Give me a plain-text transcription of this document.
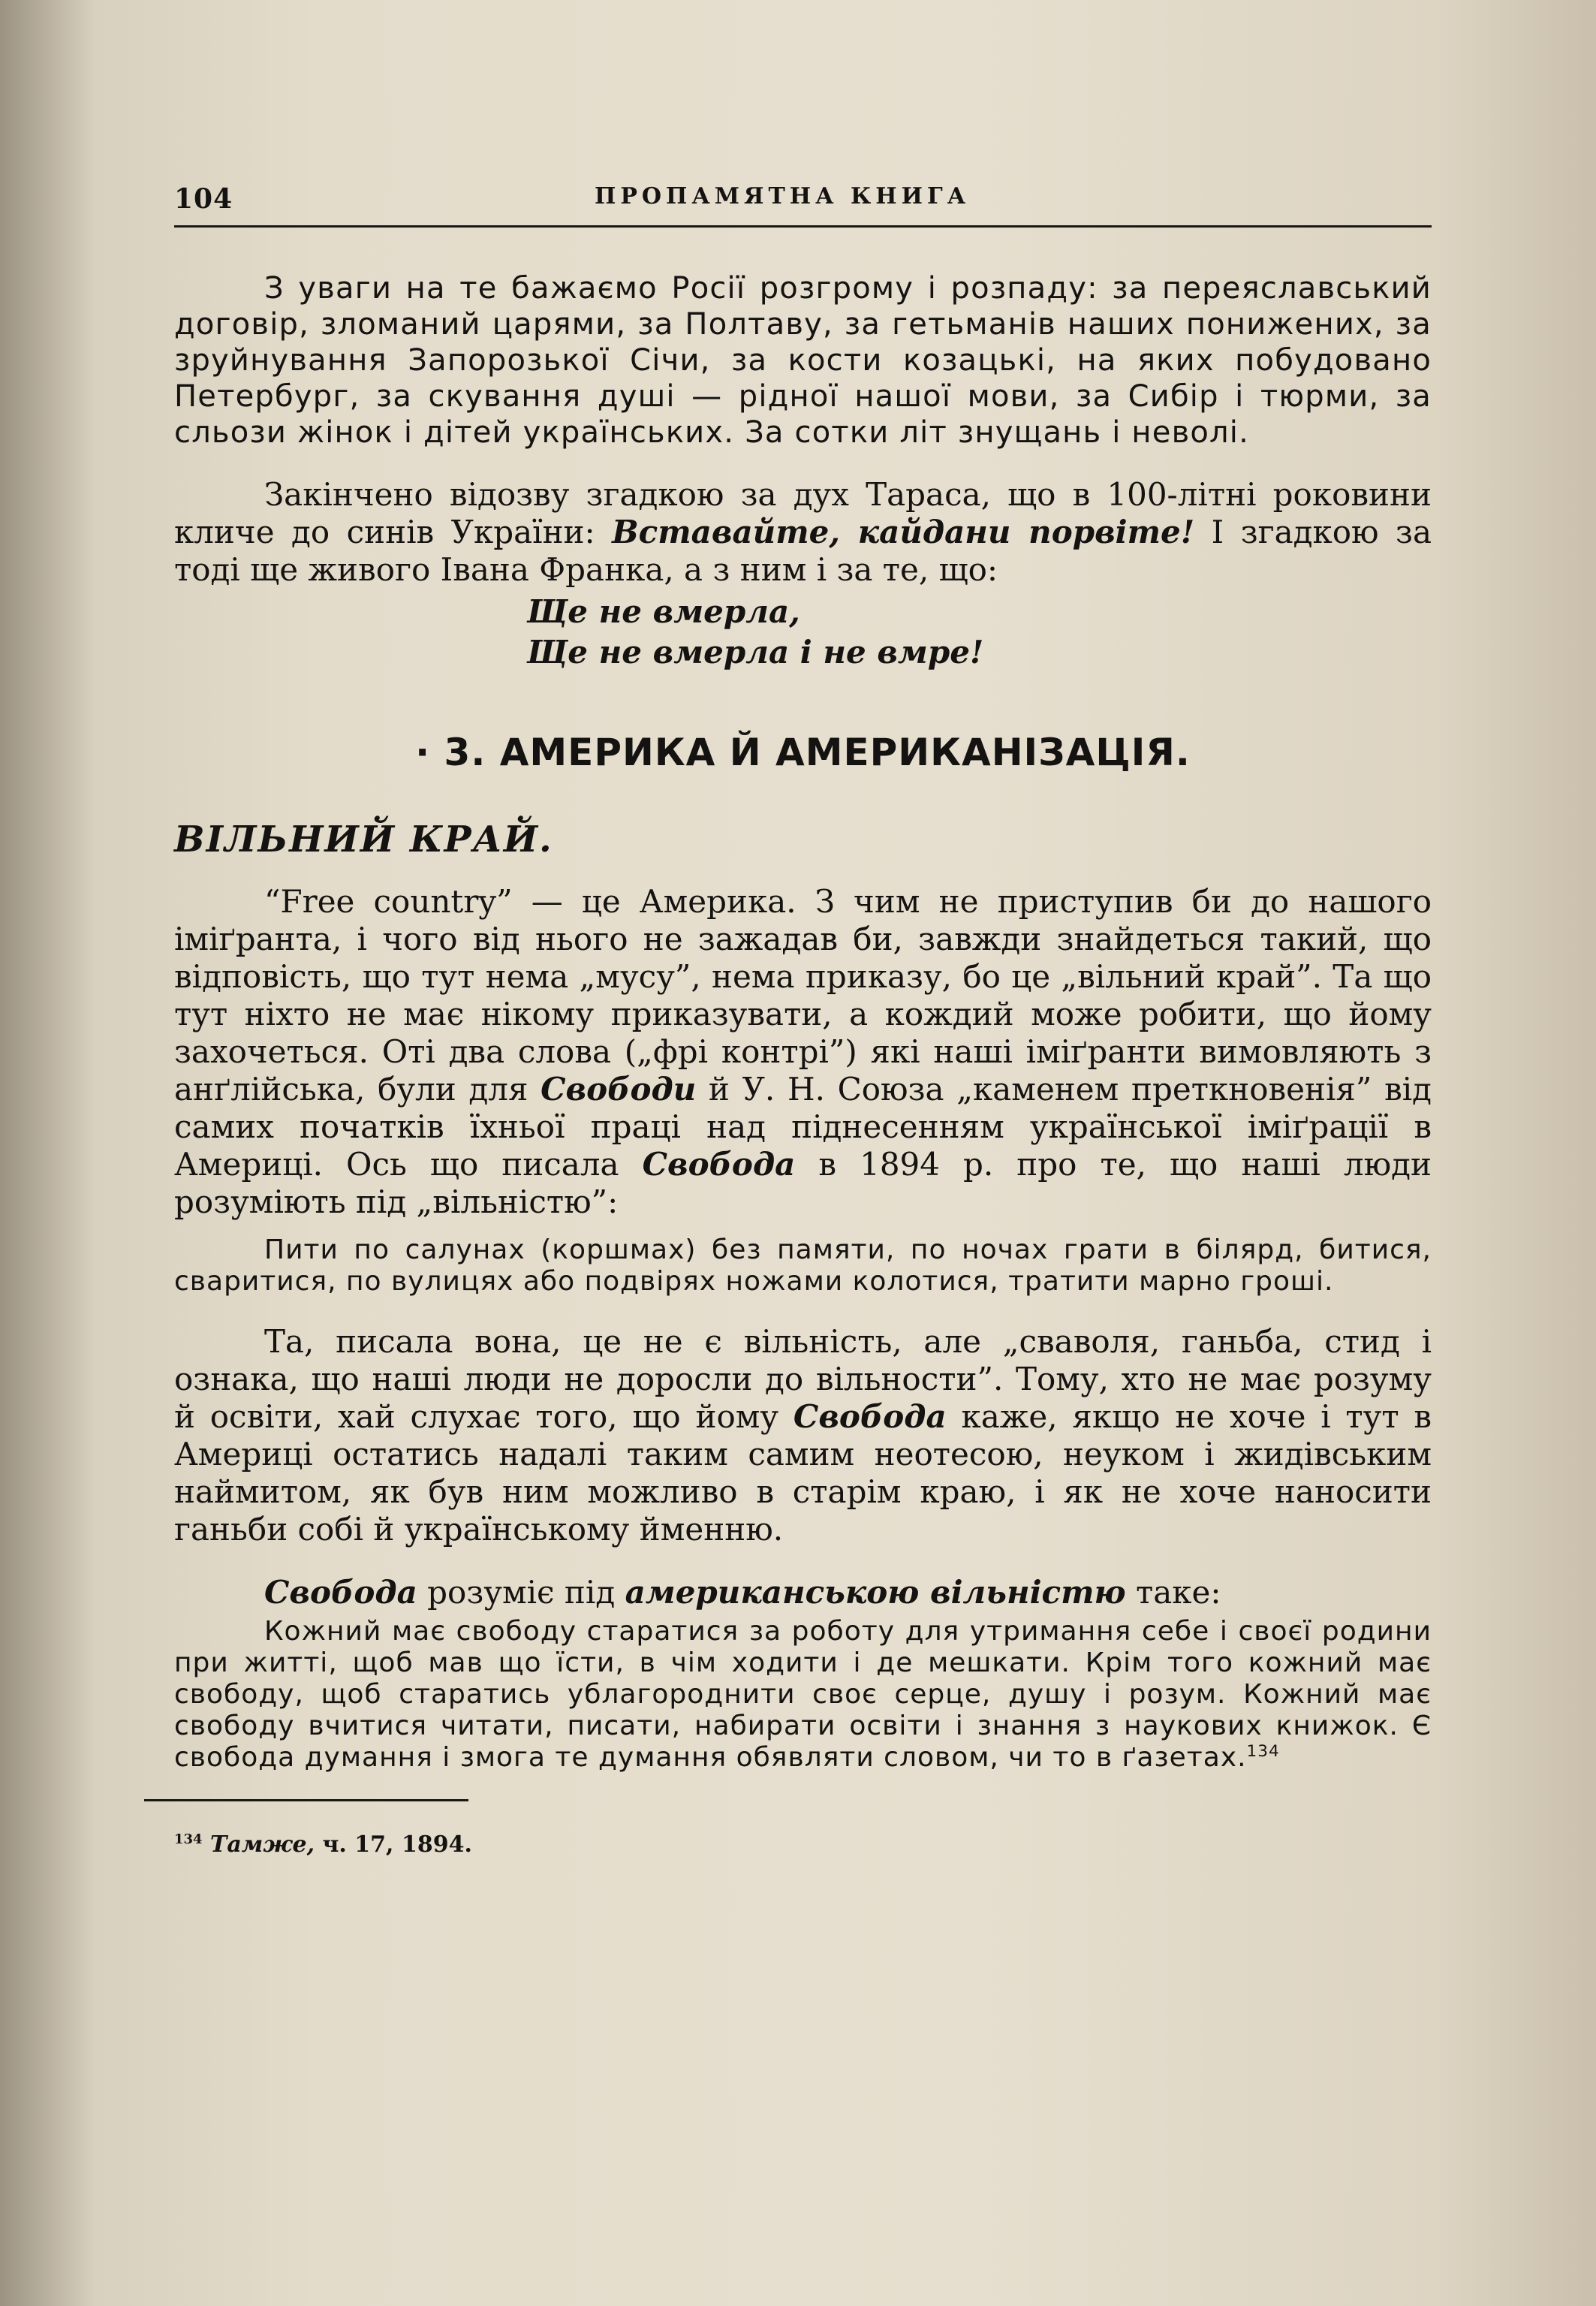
104	ПРОПАМЯТНА КНИГА

З уваги на те бажаємо Росії розгрому і розпаду: за переяславський договір, зломаний царями, за Полтаву, за гетьманів наших понижених, за зруйнування Запорозької Січи, за кости козацькі, на яких побудовано Петербург, за скування душі — рідної нашої мови, за Сибір і тюрми, за сльози жінок і дітей українських. За сотки літ знущань і неволі.

Закінчено відозву згадкою за дух Тараса, що в 100-літні роковини кличе до синів України: Вставайте, кайдани порвіте! І згадкою за тоді ще живого Івана Франка, а з ним і за те, що:

Ще не вмерла,
Ще не вмерла і не вмре!
· 3. АМЕРИКА Й АМЕРИКАНІЗАЦІЯ.
ВІЛЬНИЙ КРАЙ.

“Free country” — це Америка. З чим не приступив би до нашого іміґранта, і чого від нього не зажадав би, завжди знайдеться такий, що відповість, що тут нема „мусу”, нема приказу, бо це „вільний край”. Та що тут ніхто не має нікому приказувати, а кождий може робити, що йому захочеться. Оті два слова („фрі контрі”) які наші іміґранти вимовляють з анґлійська, були для Свободи й У. Н. Союза „каменем преткновенія” від самих початків їхньої праці над піднесенням української іміґрації в Америці. Ось що писала Свобода в 1894 р. про те, що наші люди розуміють під „вільністю”:

Пити по салунах (коршмах) без памяти, по ночах грати в білярд, битися, сваритися, по вулицях або подвірях ножами колотися, тратити марно гроші.

Та, писала вона, це не є вільність, але „сваволя, ганьба, стид і ознака, що наші люди не доросли до вільности”. Тому, хто не має розуму й освіти, хай слухає того, що йому Свобода каже, якщо не хоче і тут в Америці остатись надалі таким самим неотесою, неуком і жидівським наймитом, як був ним можливо в старім краю, і як не хоче наносити ганьби собі й українському йменню.

Свобода розуміє під американською вільністю таке:

Кожний має свободу старатися за роботу для утримання себе і своєї родини при житті, щоб мав що їсти, в чім ходити і де мешкати. Крім того кожний має свободу, щоб старатись ублагороднити своє серце, душу і розум. Кожний має свободу вчитися читати, писати, набирати освіти і знання з наукових книжок. Є свобода думання і змога те думання обявляти словом, чи то в ґазетах.$^{134}$

$^{134}$ Тамже, ч. 17, 1894.
